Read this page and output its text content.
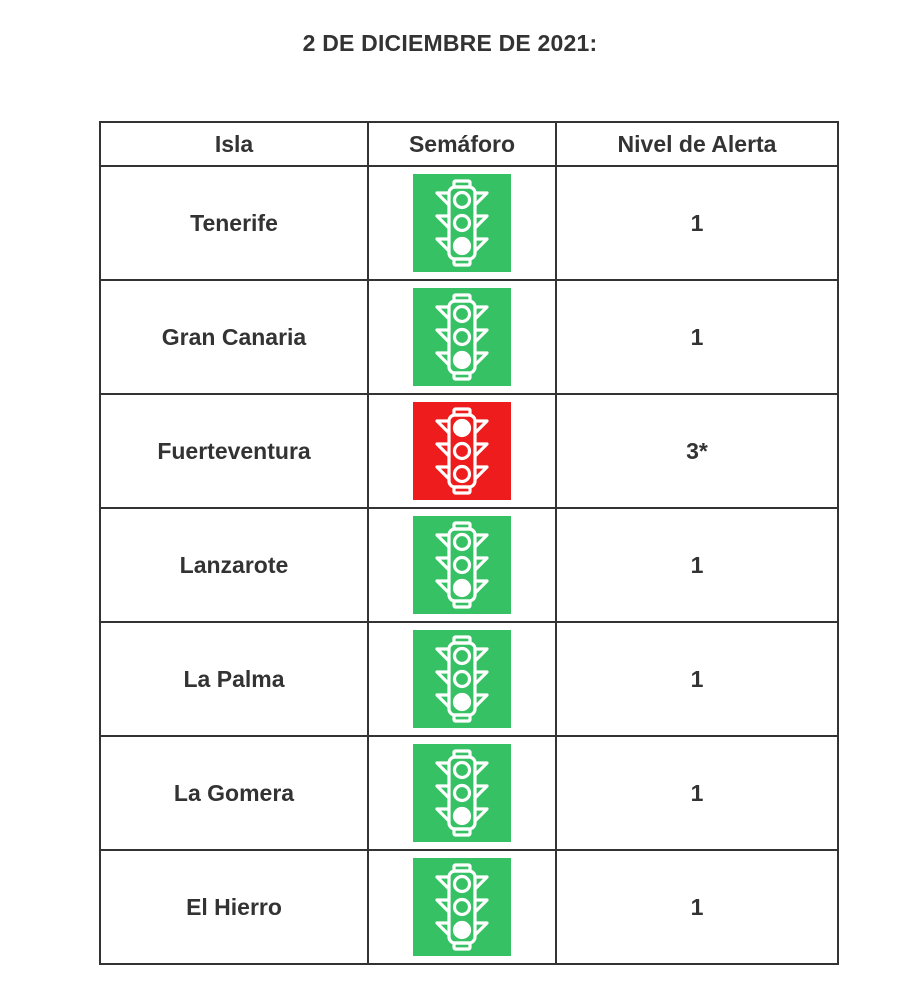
2 DE DICIEMBRE DE 2021:
Isla	Semáforo	Nivel de Alerta
Tenerife		1
Gran Canaria		1
Fuerteventura		3*
Lanzarote		1
La Palma		1
La Gomera		1
El Hierro		1
